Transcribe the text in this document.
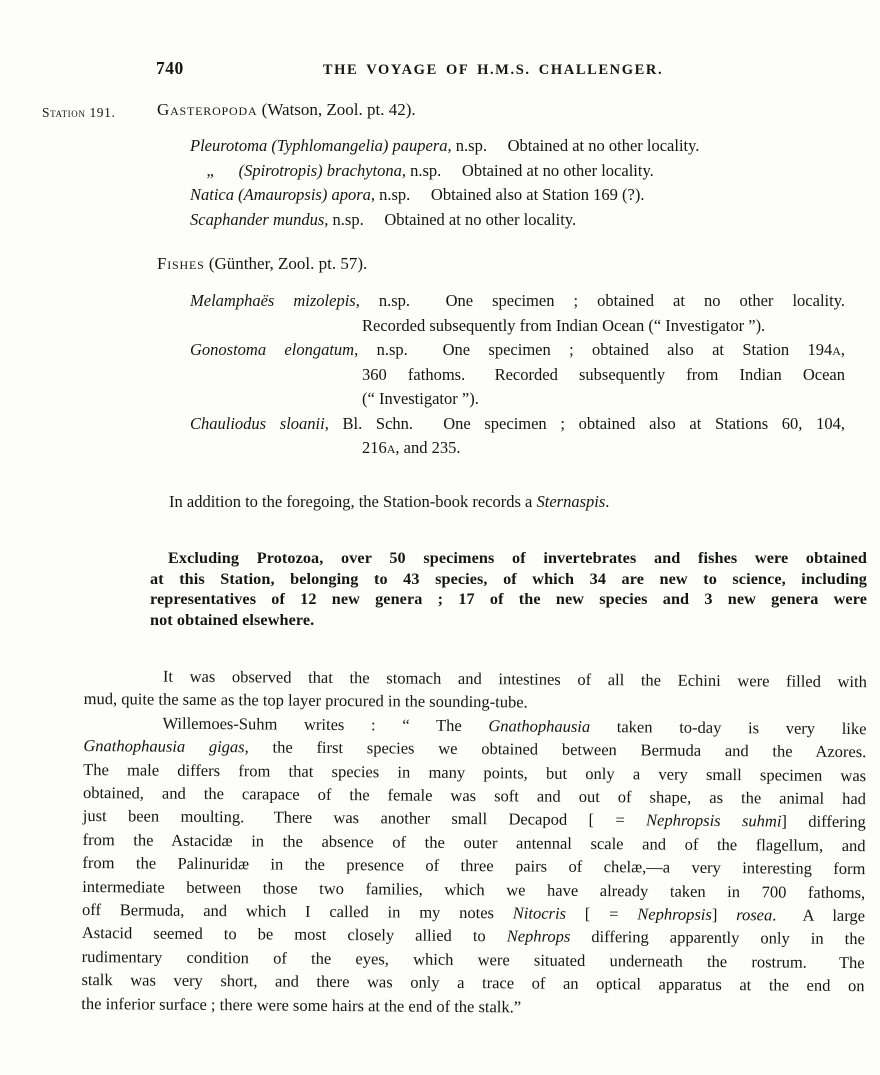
740	THE VOYAGE OF H.M.S. CHALLENGER.
Station 191. Gasteropoda (Watson, Zool. pt. 42).
Pleurotoma (Typhlomangelia) paupera, n.sp.  Obtained at no other locality.
  „  (Spirotropis) brachytona, n.sp.  Obtained at no other locality.
Natica (Amauropsis) apora, n.sp.  Obtained also at Station 169 (?).
Scaphander mundus, n.sp.  Obtained at no other locality.
Fishes (Günther, Zool. pt. 57).
Melamphaës mizolepis, n.sp.  One specimen ; obtained at no other locality.
Recorded subsequently from Indian Ocean (“ Investigator ”).
Gonostoma elongatum, n.sp.  One specimen ; obtained also at Station 194a,
360 fathoms.  Recorded subsequently from Indian Ocean
(“ Investigator ”).
Chauliodus sloanii, Bl. Schn.  One specimen ; obtained also at Stations 60, 104,
216a, and 235.
In addition to the foregoing, the Station-book records a Sternaspis.
Excluding Protozoa, over 50 specimens of invertebrates and fishes were obtained
at this Station, belonging to 43 species, of which 34 are new to science, including
representatives of 12 new genera ; 17 of the new species and 3 new genera were
not obtained elsewhere.
It was observed that the stomach and intestines of all the Echini were filled with
mud, quite the same as the top layer procured in the sounding-tube.
Willemoes-Suhm writes : “ The Gnathophausia taken to-day is very like
Gnathophausia gigas, the first species we obtained between Bermuda and the Azores.
The male differs from that species in many points, but only a very small specimen was
obtained, and the carapace of the female was soft and out of shape, as the animal had
just been moulting.  There was another small Decapod [ = Nephropsis suhmi] differing
from the Astacidæ in the absence of the outer antennal scale and of the flagellum, and
from the Palinuridæ in the presence of three pairs of chelæ,—a very interesting form
intermediate between those two families, which we have already taken in 700 fathoms,
off Bermuda, and which I called in my notes Nitocris [ = Nephropsis] rosea.  A large
Astacid seemed to be most closely allied to Nephrops differing apparently only in the
rudimentary condition of the eyes, which were situated underneath the rostrum.  The
stalk was very short, and there was only a trace of an optical apparatus at the end on
the inferior surface ; there were some hairs at the end of the stalk.”
